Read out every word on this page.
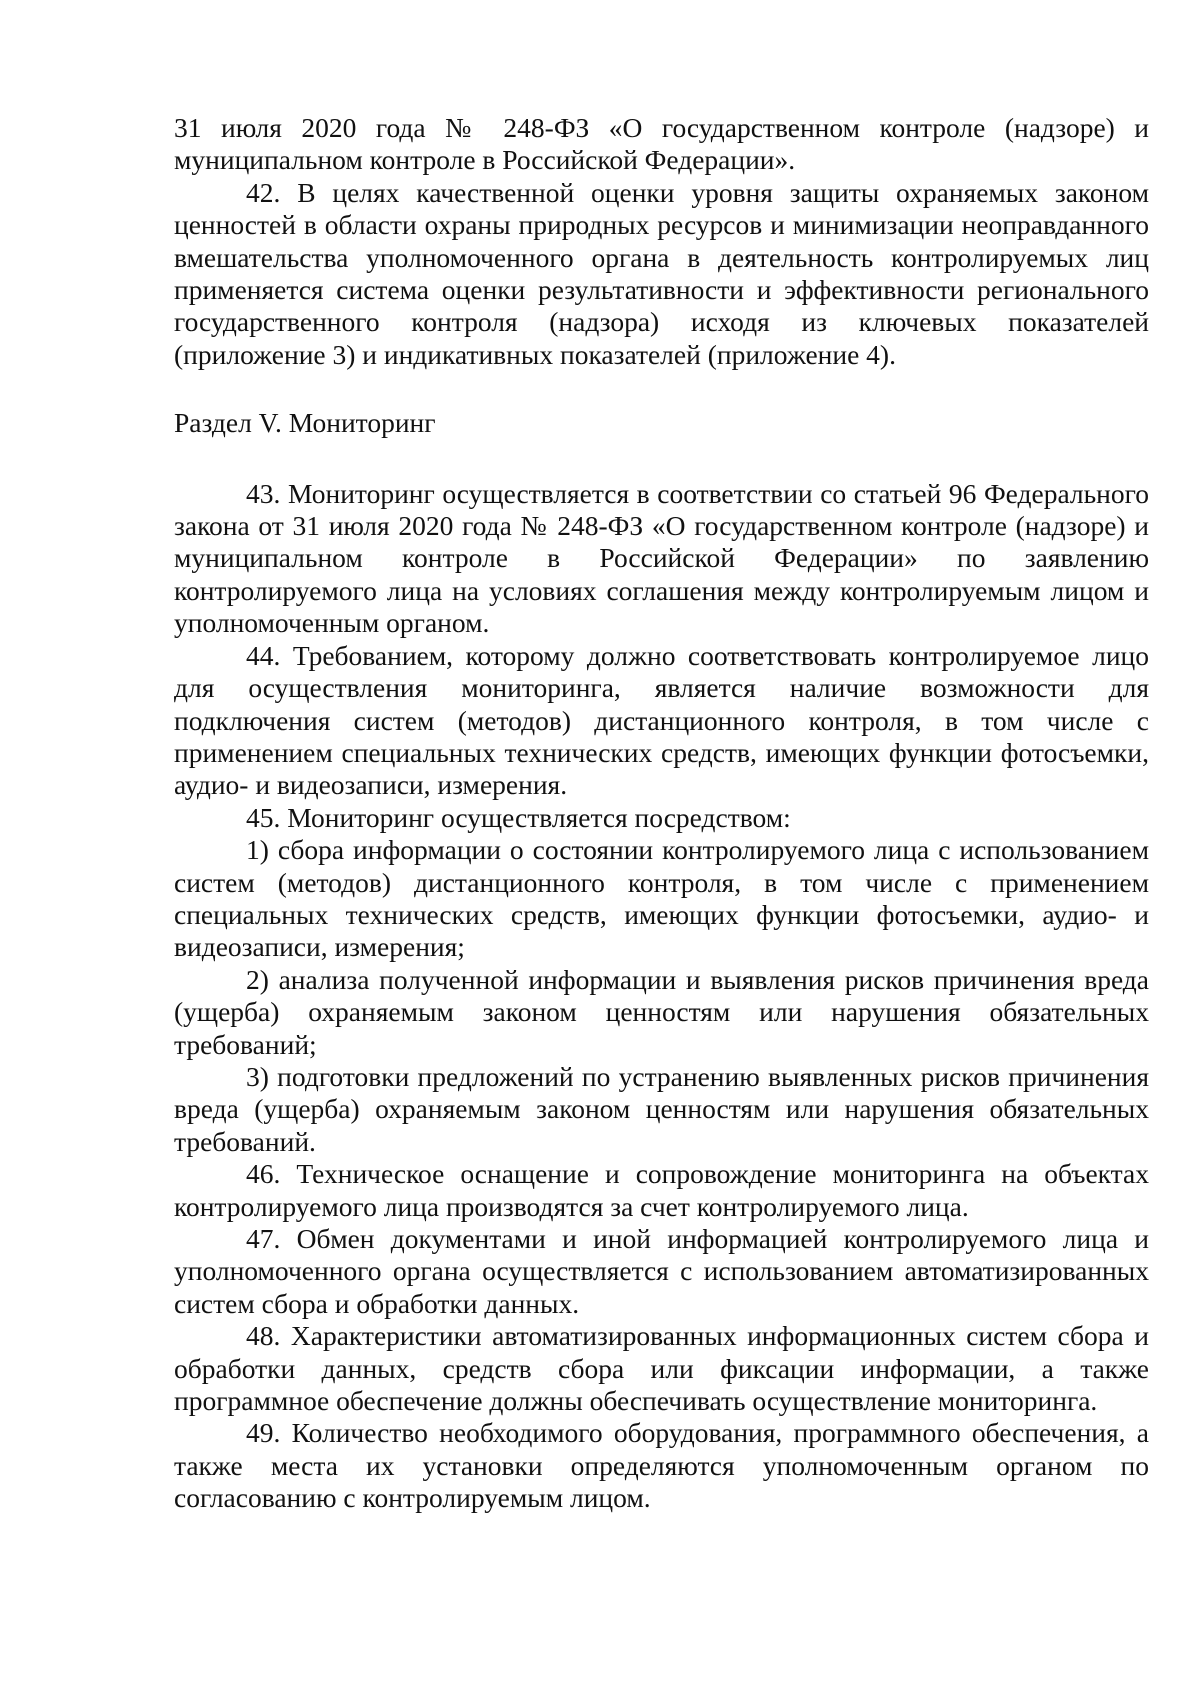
31 июля 2020 года № 248-ФЗ «О государственном контроле (надзоре) и муниципальном контроле в Российской Федерации».

42. В целях качественной оценки уровня защиты охраняемых законом ценностей в области охраны природных ресурсов и минимизации неоправданного вмешательства уполномоченного органа в деятельность контролируемых лиц применяется система оценки результативности и эффективности регионального государственного контроля (надзора) исходя из ключевых показателей (приложение 3) и индикативных показателей (приложение 4).

Раздел V. Мониторинг

43. Мониторинг осуществляется в соответствии со статьей 96 Федерального закона от 31 июля 2020 года № 248-ФЗ «О государственном контроле (надзоре) и муниципальном контроле в Российской Федерации» по заявлению контролируемого лица на условиях соглашения между контролируемым лицом и уполномоченным органом.

44. Требованием, которому должно соответствовать контролируемое лицо для осуществления мониторинга, является наличие возможности для подключения систем (методов) дистанционного контроля, в том числе с применением специальных технических средств, имеющих функции фотосъемки, аудио- и видеозаписи, измерения.

45. Мониторинг осуществляется посредством:

1) сбора информации о состоянии контролируемого лица с использованием систем (методов) дистанционного контроля, в том числе с применением специальных технических средств, имеющих функции фотосъемки, аудио- и видеозаписи, измерения;

2) анализа полученной информации и выявления рисков причинения вреда (ущерба) охраняемым законом ценностям или нарушения обязательных требований;

3) подготовки предложений по устранению выявленных рисков причинения вреда (ущерба) охраняемым законом ценностям или нарушения обязательных требований.

46. Техническое оснащение и сопровождение мониторинга на объектах контролируемого лица производятся за счет контролируемого лица.

47. Обмен документами и иной информацией контролируемого лица и уполномоченного органа осуществляется с использованием автоматизированных систем сбора и обработки данных.

48. Характеристики автоматизированных информационных систем сбора и обработки данных, средств сбора или фиксации информации, а также программное обеспечение должны обеспечивать осуществление мониторинга.

49. Количество необходимого оборудования, программного обеспечения, а также места их установки определяются уполномоченным органом по согласованию с контролируемым лицом.
